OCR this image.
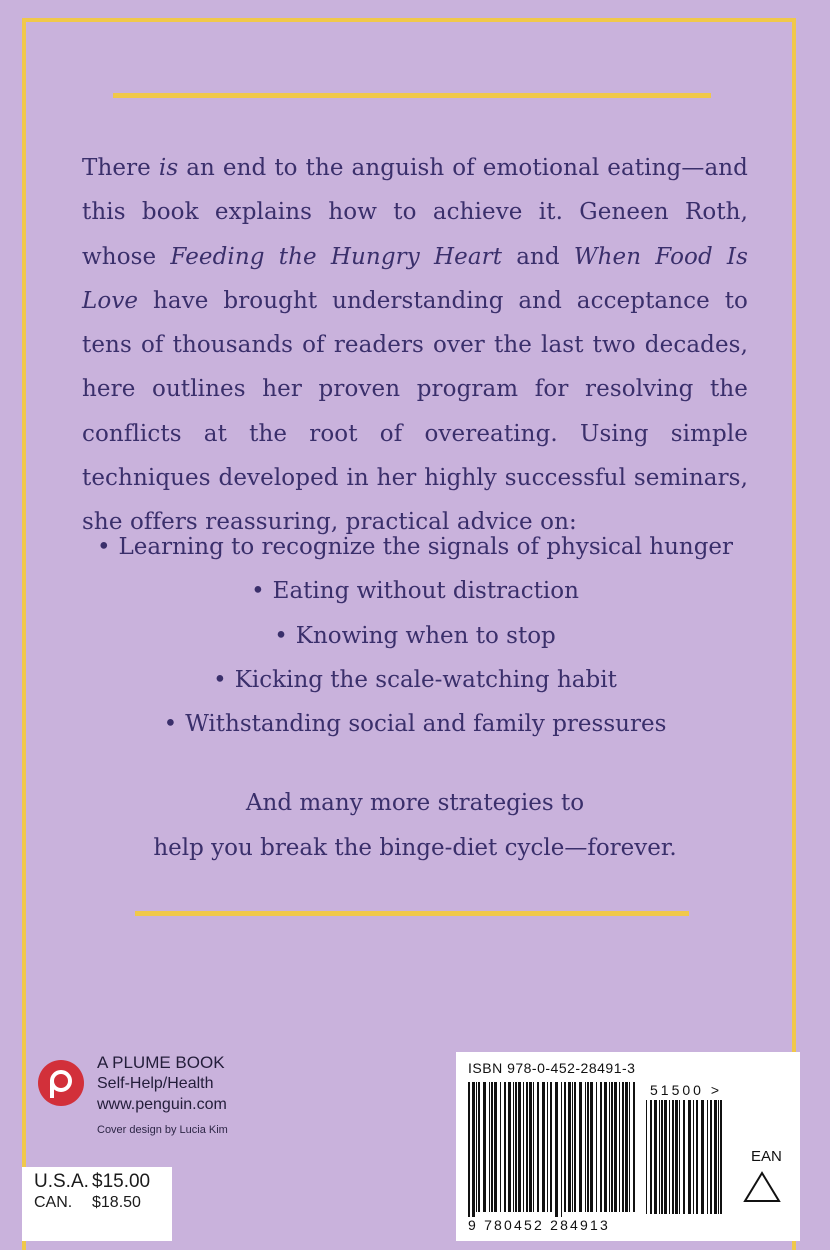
There is an end to the anguish of emotional eating—and this book explains how to achieve it. Geneen Roth, whose Feeding the Hungry Heart and When Food Is Love have brought understanding and acceptance to tens of thousands of readers over the last two decades, here outlines her proven program for resolving the conflicts at the root of overeating. Using simple techniques developed in her highly successful seminars, she offers reassuring, practical advice on:

• Learning to recognize the signals of physical hunger
• Eating without distraction
• Knowing when to stop
• Kicking the scale-watching habit
• Withstanding social and family pressures
And many more strategies to
help you break the binge-diet cycle—forever.
A PLUME BOOK
Self-Help/Health
www.penguin.com
Cover design by Lucia Kim
U.S.A. $15.00
CAN.	$18.50
ISBN 978-0-452-28491-3
51500 >
9 780452 284913
EAN
